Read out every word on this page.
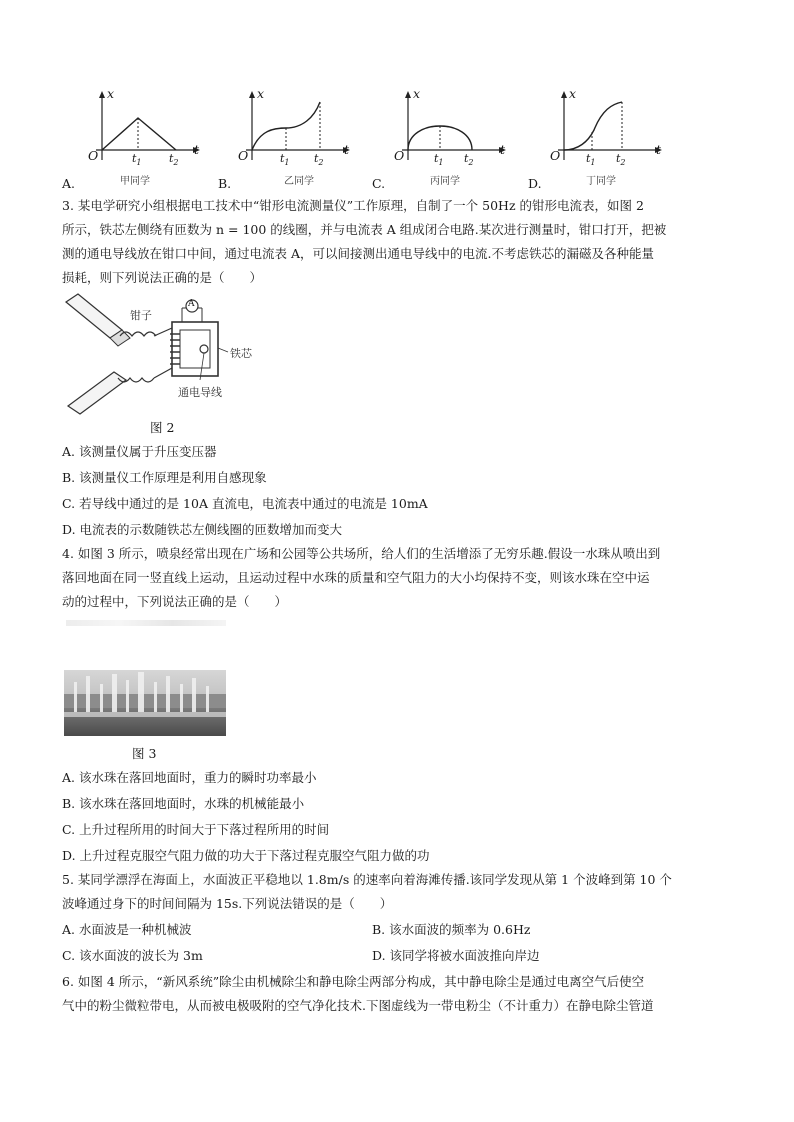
x
t
O	$t_1$ $t_2$
A.	甲同学
x
t
O	$t_1$ $t_2$
B.	乙同学
x
t
O	$t_1$ $t_2$
C.	丙同学
x
t
O $t_1$ $t_2$
D.	丁同学
3. 某电学研究小组根据电工技术中“钳形电流测量仪”工作原理，自制了一个 50Hz 的钳形电流表，如图 2
所示，铁芯左侧绕有匝数为 n = 100 的线圈，并与电流表 A 组成闭合电路.某次进行测量时，钳口打开，把被
测的通电导线放在钳口中间，通过电流表 A，可以间接测出通电导线中的电流.不考虑铁芯的漏磁及各种能量
损耗，则下列说法正确的是（　　）
A
钳子
铁芯
通电导线
图 2
A. 该测量仪属于升压变压器
B. 该测量仪工作原理是利用自感现象
C. 若导线中通过的是 10A 直流电，电流表中通过的电流是 10mA
D. 电流表的示数随铁芯左侧线圈的匝数增加而变大
4. 如图 3 所示，喷泉经常出现在广场和公园等公共场所，给人们的生活增添了无穷乐趣.假设一水珠从喷出到
落回地面在同一竖直线上运动，且运动过程中水珠的质量和空气阻力的大小均保持不变，则该水珠在空中运
动的过程中，下列说法正确的是（　　）
图 3
A. 该水珠在落回地面时，重力的瞬时功率最小
B. 该水珠在落回地面时，水珠的机械能最小
C. 上升过程所用的时间大于下落过程所用的时间
D. 上升过程克服空气阻力做的功大于下落过程克服空气阻力做的功
5. 某同学漂浮在海面上，水面波正平稳地以 1.8m/s 的速率向着海滩传播.该同学发现从第 1 个波峰到第 10 个
波峰通过身下的时间间隔为 15s.下列说法错误的是（　　）
A. 水面波是一种机械波	B. 该水面波的频率为 0.6Hz
C. 该水面波的波长为 3m	D. 该同学将被水面波推向岸边
6. 如图 4 所示，“新风系统”除尘由机械除尘和静电除尘两部分构成，其中静电除尘是通过电离空气后使空
气中的粉尘微粒带电，从而被电极吸附的空气净化技术.下图虚线为一带电粉尘（不计重力）在静电除尘管道
